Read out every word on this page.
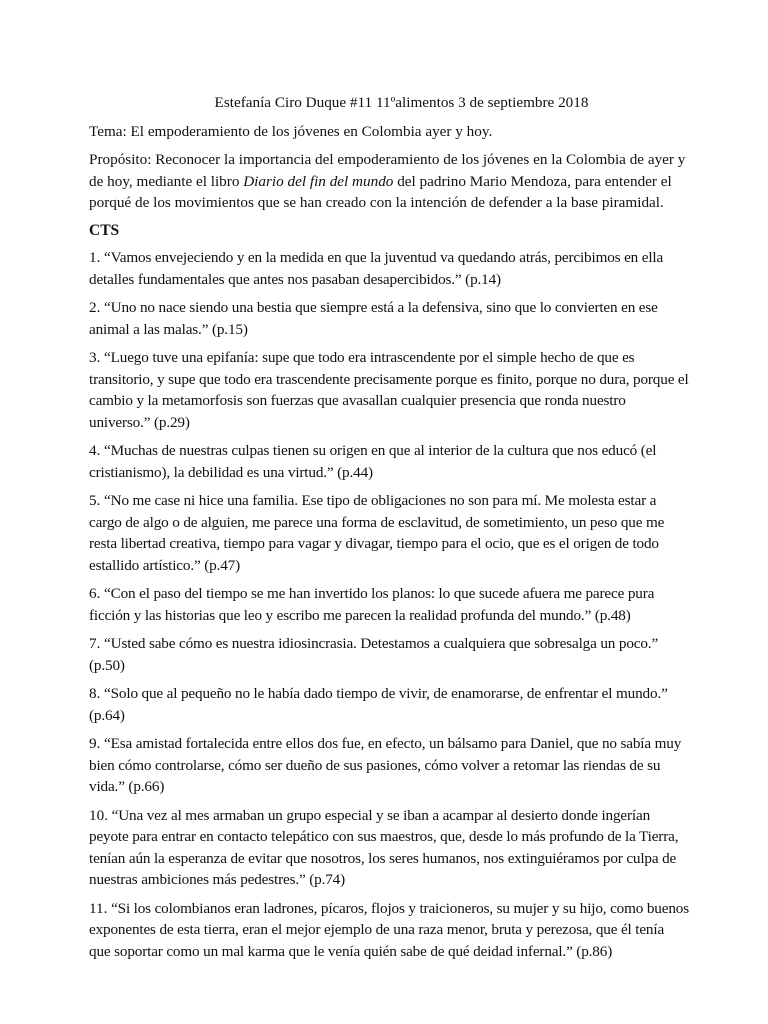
Estefanía Ciro Duque #11 11ºalimentos 3 de septiembre 2018
Tema: El empoderamiento de los jóvenes en Colombia ayer y hoy.
Propósito: Reconocer la importancia del empoderamiento de los jóvenes en la Colombia de ayer y de hoy, mediante el libro Diario del fin del mundo del padrino Mario Mendoza, para entender el porqué de los movimientos que se han creado con la intención de defender a la base piramidal.
CTS
1. “Vamos envejeciendo y en la medida en que la juventud va quedando atrás, percibimos en ella detalles fundamentales que antes nos pasaban desapercibidos.” (p.14)
2. “Uno no nace siendo una bestia que siempre está a la defensiva, sino que lo convierten en ese animal a las malas.” (p.15)
3. “Luego tuve una epifanía: supe que todo era intrascendente por el simple hecho de que es transitorio, y supe que todo era trascendente precisamente porque es finito, porque no dura, porque el cambio y la metamorfosis son fuerzas que avasallan cualquier presencia que ronda nuestro universo.” (p.29)
4. “Muchas de nuestras culpas tienen su origen en que al interior de la cultura que nos educó (el cristianismo), la debilidad es una virtud.” (p.44)
5. “No me case ni hice una familia. Ese tipo de obligaciones no son para mí. Me molesta estar a cargo de algo o de alguien, me parece una forma de esclavitud, de sometimiento, un peso que me resta libertad creativa, tiempo para vagar y divagar, tiempo para el ocio, que es el origen de todo estallido artístico.” (p.47)
6. “Con el paso del tiempo se me han invertido los planos: lo que sucede afuera me parece pura ficción y las historias que leo y escribo me parecen la realidad profunda del mundo.” (p.48)
7. “Usted sabe cómo es nuestra idiosincrasia. Detestamos a cualquiera que sobresalga un poco.” (p.50)
8. “Solo que al pequeño no le había dado tiempo de vivir, de enamorarse, de enfrentar el mundo.” (p.64)
9. “Esa amistad fortalecida entre ellos dos fue, en efecto, un bálsamo para Daniel, que no sabía muy bien cómo controlarse, cómo ser dueño de sus pasiones, cómo volver a retomar las riendas de su vida.” (p.66)
10. “Una vez al mes armaban un grupo especial y se iban a acampar al desierto donde ingerían peyote para entrar en contacto telepático con sus maestros, que, desde lo más profundo de la Tierra, tenían aún la esperanza de evitar que nosotros, los seres humanos, nos extinguiéramos por culpa de nuestras ambiciones más pedestres.” (p.74)
11. “Si los colombianos eran ladrones, pícaros, flojos y traicioneros, su mujer y su hijo, como buenos exponentes de esta tierra, eran el mejor ejemplo de una raza menor, bruta y perezosa, que él tenía que soportar como un mal karma que le venía quién sabe de qué deidad infernal.” (p.86)
